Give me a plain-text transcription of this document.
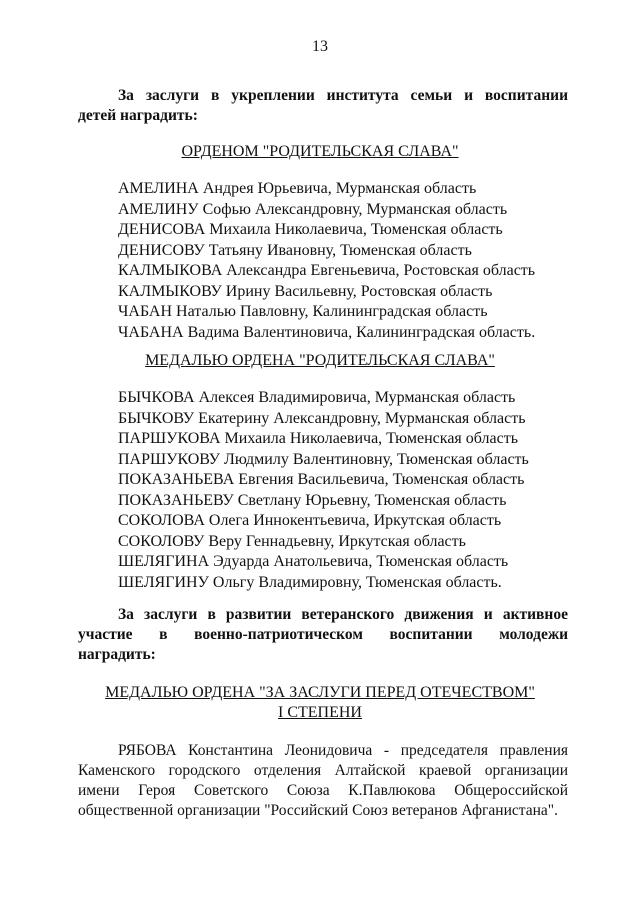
13
За заслуги в укреплении института семьи и воспитании
детей наградить:
ОРДЕНОМ "РОДИТЕЛЬСКАЯ СЛАВА"
АМЕЛИНА Андрея Юрьевича, Мурманская область
АМЕЛИНУ Софью Александровну, Мурманская область
ДЕНИСОВА Михаила Николаевича, Тюменская область
ДЕНИСОВУ Татьяну Ивановну, Тюменская область
КАЛМЫКОВА Александра Евгеньевича, Ростовская область
КАЛМЫКОВУ Ирину Васильевну, Ростовская область
ЧАБАН Наталью Павловну, Калининградская область
ЧАБАНА Вадима Валентиновича, Калининградская область.
МЕДАЛЬЮ ОРДЕНА "РОДИТЕЛЬСКАЯ СЛАВА"
БЫЧКОВА Алексея Владимировича, Мурманская область
БЫЧКОВУ Екатерину Александровну, Мурманская область
ПАРШУКОВА Михаила Николаевича, Тюменская область
ПАРШУКОВУ Людмилу Валентиновну, Тюменская область
ПОКАЗАНЬЕВА Евгения Васильевича, Тюменская область
ПОКАЗАНЬЕВУ Светлану Юрьевну, Тюменская область
СОКОЛОВА Олега Иннокентьевича, Иркутская область
СОКОЛОВУ Веру Геннадьевну, Иркутская область
ШЕЛЯГИНА Эдуарда Анатольевича, Тюменская область
ШЕЛЯГИНУ Ольгу Владимировну, Тюменская область.
За заслуги в развитии ветеранского движения и активное
участие в военно-патриотическом воспитании молодежи
наградить:
МЕДАЛЬЮ ОРДЕНА "ЗА ЗАСЛУГИ ПЕРЕД ОТЕЧЕСТВОМ"
I СТЕПЕНИ
РЯБОВА Константина Леонидовича - председателя правления
Каменского городского отделения Алтайской краевой организации
имени Героя Советского Союза К.Павлюкова Общероссийской
общественной организации "Российский Союз ветеранов Афганистана".
